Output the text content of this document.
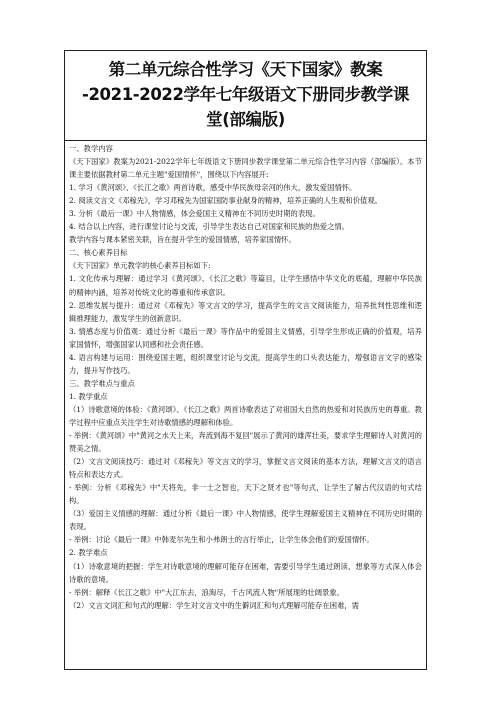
第二单元综合性学习《天下国家》教案
-2021-2022学年七年级语文下册同步教学课
堂(部编版)

一、教学内容

《天下国家》教案为2021-2022学年七年级语文下册同步教学课堂第二单元综合性学习内容（部编版）。本节课主要依据教材第二单元主题"爱国情怀"，围绕以下内容展开:

1. 学习《黄河颂》、《长江之歌》两首诗歌，感受中华民族母亲河的伟大，激发爱国情怀。

2. 阅读文言文《邓稼先》，学习邓稼先为国家国防事业献身的精神，培养正确的人生观和价值观。

3. 分析《最后一课》中人物情感，体会爱国主义精神在不同历史时期的表现。

4. 结合以上内容，进行课堂讨论与交流，引导学生表达自己对国家和民族的热爱之情。

教学内容与课本紧密关联，旨在提升学生的爱国情感，培养家国情怀。

二、核心素养目标

《天下国家》单元教学的核心素养目标如下:

1. 文化传承与理解：通过学习《黄河颂》、《长江之歌》等篇目，让学生感悟中华文化的底蕴，理解中华民族的精神内涵，培养对传统文化的尊重和传承意识。

2. 思维发展与提升：通过对《邓稼先》等文言文的学习，提高学生的文言文阅读能力，培养批判性思维和逻辑推理能力，激发学生的创新意识。

3. 情感态度与价值观：通过分析《最后一课》等作品中的爱国主义情感，引导学生形成正确的价值观，培养家国情怀，增强国家认同感和社会责任感。

4. 语言构建与运用：围绕爱国主题，组织课堂讨论与交流，提高学生的口头表达能力，增强语言文字的感染力，提升写作技巧。

三、教学难点与重点

1. 教学重点

（1）诗歌意境的体验：《黄河颂》、《长江之歌》两首诗歌表达了对祖国大自然的热爱和对民族历史的尊重。教学过程中应重点关注学生对诗歌情感的理解和体验。

- 举例：《黄河颂》中"黄河之水天上来，奔流到海不复回"展示了黄河的雄浑壮美，要求学生理解诗人对黄河的赞美之情。

（2）文言文阅读技巧：通过对《邓稼先》等文言文的学习，掌握文言文阅读的基本方法，理解文言文的语言特点和表达方式。

- 举例：分析《邓稼先》中"天将先，非一士之智也，天下之贤才也"等句式，让学生了解古代汉语的句式结构。

（3）爱国主义情感的理解：通过分析《最后一课》中人物情感，使学生理解爱国主义精神在不同历史时期的表现。

- 举例：讨论《最后一课》中韩麦尔先生和小弗朗士的言行举止，让学生体会他们的爱国情怀。

2. 教学难点

（1）诗歌意境的把握：学生对诗歌意境的理解可能存在困难，需要引导学生通过朗读、想象等方式深入体会诗歌的意境。

- 举例：解释《长江之歌》中"大江东去，浪淘尽，千古风流人物"所展现的壮阔景象。

（2）文言文词汇和句式的理解：学生对文言文中的生僻词汇和句式理解可能存在困难，需
